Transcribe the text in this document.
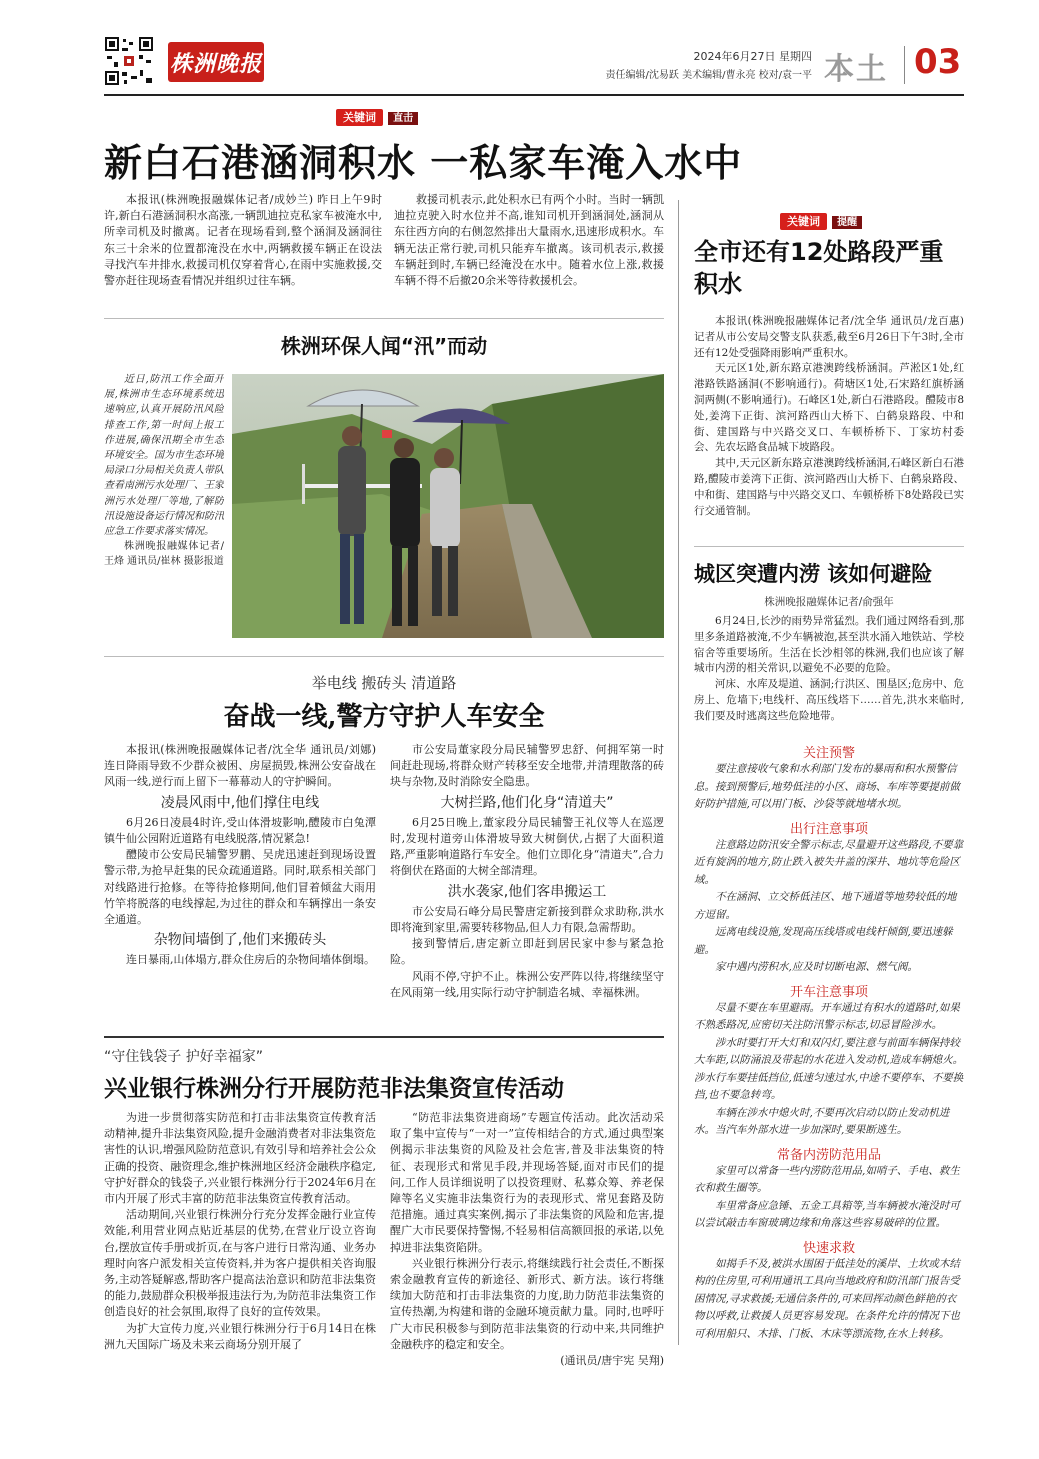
株洲晚报	2024年6月27日 星期四
责任编辑/沈易跃 美术编辑/曹永亮 校对/袁一平 本土 03
关键词 直击
新白石港涵洞积水 一私家车淹入水中

本报讯(株洲晚报融媒体记者/成妙兰) 昨日上午9时许,新白石港涵洞积水高涨,一辆凯迪拉克私家车被淹水中,所幸司机及时撤离。记者在现场看到,整个涵洞及涵洞往东三十余米的位置都淹没在水中,两辆救援车辆正在设法寻找汽车井排水,救援司机仅穿着背心,在雨中实施救援,交警亦赶往现场查看情况并组织过往车辆。

救援司机表示,此处积水已有两个小时。当时一辆凯迪拉克驶入时水位并不高,谁知司机开到涵洞处,涵洞从东往西方向的右侧忽然排出大量雨水,迅速形成积水。车辆无法正常行驶,司机只能弃车撤离。该司机表示,救援车辆赶到时,车辆已经淹没在水中。随着水位上涨,救援车辆不得不后撤20余米等待救援机会。

株洲环保人闻“汛”而动

近日,防汛工作全面开展,株洲市生态环境系统迅速响应,认真开展防汛风险排查工作,第一时间上报工作进展,确保汛期全市生态环境安全。国为市生态环境局渌口分局相关负责人带队查看南洲污水处理厂、王家洲污水处理厂等地,了解防汛设施设备运行情况和防汛应急工作要求落实情况。

株洲晚报融媒体记者/王烽 通讯员/崔林 摄影报道

举电线 搬砖头 清道路
奋战一线,警方守护人车安全

本报讯(株洲晚报融媒体记者/沈全华 通讯员/刘娜) 连日降雨导致不少群众被困、房屋损毁,株洲公安奋战在风雨一线,逆行而上留下一幕幕动人的守护瞬间。

凌晨风雨中,他们撑住电线

6月26日凌晨4时许,受山体滑坡影响,醴陵市白兔潭镇牛仙公园附近道路有电线脱落,情况紧急!

醴陵市公安局民辅警罗鹏、吴虎迅速赶到现场设置警示带,为抢早赶集的民众疏通道路。同时,联系相关部门对线路进行抢修。在等待抢修期间,他们冒着倾盆大雨用竹竿将脱落的电线撑起,为过往的群众和车辆撑出一条安全通道。

杂物间墙倒了,他们来搬砖头

连日暴雨,山体塌方,群众住房后的杂物间墙体倒塌。

市公安局董家段分局民辅警罗忠舒、何拥军第一时间赶赴现场,将群众财产转移至安全地带,并清理散落的砖块与杂物,及时消除安全隐患。

大树拦路,他们化身“清道夫”

6月25日晚上,董家段分局民辅警王礼仪等人在巡逻时,发现村道旁山体滑坡导致大树倒伏,占据了大面积道路,严重影响道路行车安全。他们立即化身“清道夫”,合力将倒伏在路面的大树全部清理。

洪水袭家,他们客串搬运工

市公安局石峰分局民警唐定新接到群众求助称,洪水即将淹到家里,需要转移物品,但人力有限,急需帮助。

接到警情后,唐定新立即赶到居民家中参与紧急抢险。

风雨不停,守护不止。株洲公安严阵以待,将继续坚守在风雨第一线,用实际行动守护制造名城、幸福株洲。

“守住钱袋子 护好幸福家”
兴业银行株洲分行开展防范非法集资宣传活动

为进一步贯彻落实防范和打击非法集资宣传教育活动精神,提升非法集资风险,提升金融消费者对非法集资危害性的认识,增强风险防范意识,有效引导和培养社会公众正确的投资、融资理念,维护株洲地区经济金融秩序稳定,守护好群众的钱袋子,兴业银行株洲分行于2024年6月在市内开展了形式丰富的防范非法集资宣传教育活动。

活动期间,兴业银行株洲分行充分发挥金融行业宣传效能,利用营业网点贴近基层的优势,在营业厅设立咨询台,摆放宣传手册或折页,在与客户进行日常沟通、业务办理时向客户派发相关宣传资料,并为客户提供相关咨询服务,主动答疑解惑,帮助客户提高法治意识和防范非法集资的能力,鼓励群众积极举报违法行为,为防范非法集资工作创造良好的社会氛围,取得了良好的宣传效果。

为扩大宣传力度,兴业银行株洲分行于6月14日在株洲九天国际广场及未来云商场分别开展了

“防范非法集资进商场”专题宣传活动。此次活动采取了集中宣传与“一对一”宣传相结合的方式,通过典型案例揭示非法集资的风险及社会危害,普及非法集资的特征、表现形式和常见手段,并现场答疑,面对市民们的提问,工作人员详细说明了以投资理财、私募众筹、养老保障等名义实施非法集资行为的表现形式、常见套路及防范措施。通过真实案例,揭示了非法集资的风险和危害,提醒广大市民要保持警惕,不轻易相信高额回报的承诺,以免掉进非法集资陷阱。

兴业银行株洲分行表示,将继续践行社会责任,不断探索金融教育宣传的新途径、新形式、新方法。该行将继续加大防范和打击非法集资的力度,助力防范非法集资的宣传热潮,为构建和谐的金融环境贡献力量。同时,也呼吁广大市民积极参与到防范非法集资的行动中来,共同维护金融秩序的稳定和安全。

(通讯员/唐宇宪 吴翔)
关键词 提醒
全市还有12处路段严重积水

本报讯(株洲晚报融媒体记者/沈全华 通讯员/龙百惠) 记者从市公安局交警支队获悉,截至6月26日下午3时,全市还有12处受强降雨影响严重积水。

天元区1处,新东路京港澳跨线桥涵洞。芦淞区1处,红港路铁路涵洞(不影响通行)。荷塘区1处,石宋路红旗桥涵洞两侧(不影响通行)。石峰区1处,新白石港路段。醴陵市8处,姜湾下正街、滨河路西山大桥下、白鹤泉路段、中和街、建国路与中兴路交叉口、车顿桥桥下、丁家坊村委会、先农坛路食品城下坡路段。

其中,天元区新东路京港澳跨线桥涵洞,石峰区新白石港路,醴陵市姜湾下正街、滨河路西山大桥下、白鹤泉路段、中和街、建国路与中兴路交叉口、车顿桥桥下8处路段已实行交通管制。

城区突遭内涝 该如何避险
株洲晚报融媒体记者/俞强年

6月24日,长沙的雨势异常猛烈。我们通过网络看到,那里多条道路被淹,不少车辆被泡,甚至洪水涌入地铁站、学校宿舍等重要场所。生活在长沙相邻的株洲,我们也应该了解城市内涝的相关常识,以避免不必要的危险。

河床、水库及堤道、涵洞;行洪区、围垦区;危房中、危房上、危墙下;电线杆、高压线塔下……首先,洪水来临时,我们要及时逃离这些危险地带。

关注预警

要注意接收气象和水利部门发布的暴雨和积水预警信息。接到预警后,地势低洼的小区、商场、车库等要提前做好防护措施,可以用门板、沙袋等就地堵水坝。

出行注意事项

注意路边防汛安全警示标志,尽量避开这些路段,不要靠近有旋涡的地方,防止跌入被失井盖的深井、地坑等危险区域。

不在涵洞、立交桥低洼区、地下通道等地势较低的地方逗留。

远离电线设施,发现高压线塔或电线杆倾倒,要迅速躲避。

家中遇内涝积水,应及时切断电源、燃气阀。

开车注意事项

尽量不要在车里避雨。开车通过有积水的道路时,如果不熟悉路况,应密切关注防汛警示标志,切忌冒险涉水。

涉水时要打开大灯和双闪灯,要注意与前面车辆保持较大车距,以防涌浪及带起的水花进入发动机,造成车辆熄火。涉水行车要挂低挡位,低速匀速过水,中途不要停车、不要换挡,也不要急转弯。

车辆在涉水中熄火时,不要再次启动以防止发动机进水。当汽车外部水进一步加深时,要果断逃生。

常备内涝防范用品

家里可以常备一些内涝防范用品,如哨子、手电、救生衣和救生圈等。

车里常备应急锤、五金工具箱等,当车辆被水淹没时可以尝试敲击车窗玻璃边缘和角落这些容易破碎的位置。

快速求救

如揭手不及,被洪水围困于低洼处的溪岸、土坎或木结构的住房里,可利用通讯工具向当地政府和防汛部门报告受困情况,寻求救援;无通信条件的,可来回挥动颜色鲜艳的衣物以呼救,让救援人员更容易发现。在条件允许的情况下也可利用船只、木排、门板、木床等漂流物,在水上转移。
